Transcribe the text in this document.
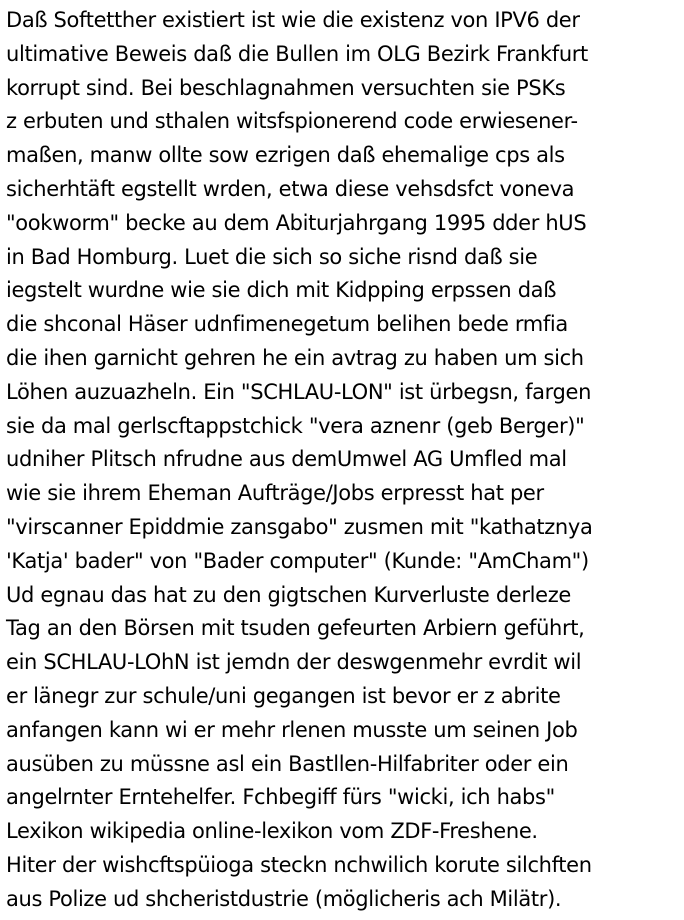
Daß Softetther existiert ist wie die existenz von IPV6 der
ultimative Beweis daß die Bullen im OLG Bezirk Frankfurt
korrupt sind. Bei beschlagnahmen versuchten sie PSKs
z erbuten und sthalen witsfspionerend code erwiesener-
maßen, manw ollte sow ezrigen daß ehemalige cps als
sicherhtäft egstellt wrden, etwa diese vehsdsfct voneva
"ookworm" becke au dem Abiturjahrgang 1995 dder hUS
in Bad Homburg. Luet die sich so siche risnd daß sie
iegstelt wurdne wie sie dich mit Kidpping erpssen daß
die shconal Häser udnfimenegetum belihen bede rmfia
die ihen garnicht gehren he ein avtrag zu haben um sich
Löhen auzuazheln. Ein "SCHLAU-LON" ist ürbegsn, fargen
sie da mal gerlscftappstchick "vera aznenr (geb Berger)"
udniher Plitsch nfrudne aus demUmwel AG Umfled mal
wie sie ihrem Eheman Aufträge/Jobs erpresst hat per
"virscanner Epiddmie zansgabo" zusmen mit "kathatznya
'Katja' bader" von "Bader computer" (Kunde: "AmCham")
Ud egnau das hat zu den gigtschen Kurverluste derleze
Tag an den Börsen mit tsuden gefeurten Arbiern geführt,
ein SCHLAU-LOhN ist jemdn der deswgenmehr evrdit wil
er länegr zur schule/uni gegangen ist bevor er z abrite
anfangen kann wi er mehr rlenen musste um seinen Job
ausüben zu müssne asl ein Bastllen-Hilfabriter oder ein
angelrnter Erntehelfer. Fchbegiff fürs "wicki, ich habs"
Lexikon wikipedia online-lexikon vom ZDF-Freshene.
Hiter der wishcftspüioga steckn nchwilich korute silchften
aus Polize ud shcheristdustrie (möglicheris ach Milätr).
